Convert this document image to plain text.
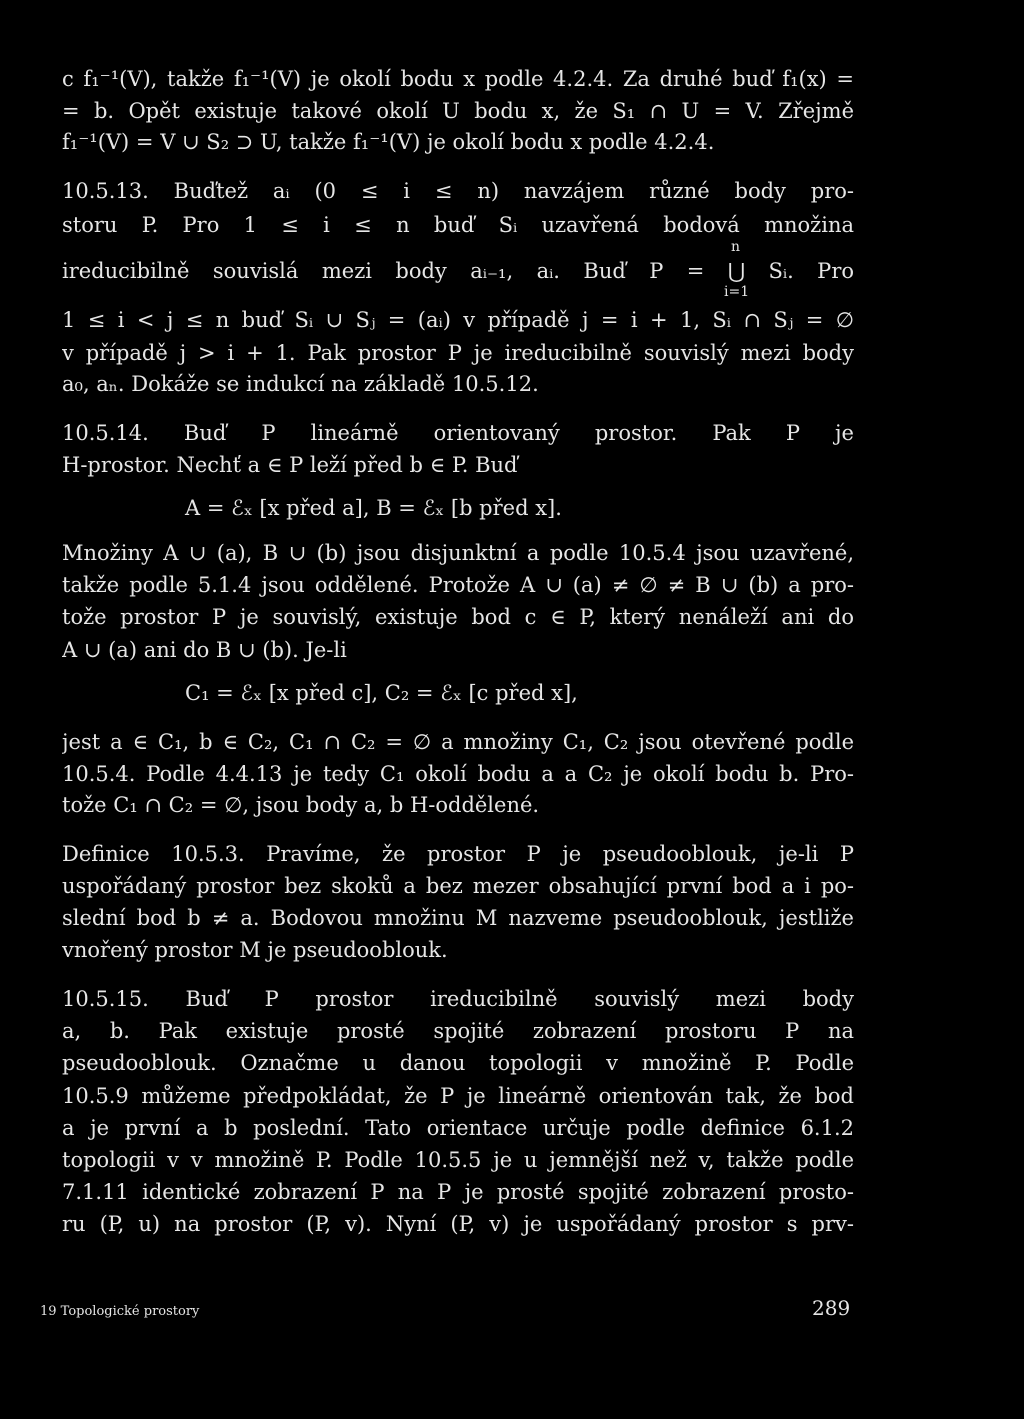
c f₁⁻¹(V), takže f₁⁻¹(V) je okolí bodu x podle 4.2.4. Za druhé buď f₁(x) =
= b. Opět existuje takové okolí U bodu x, že S₁ ∩ U = V. Zřejmě
f₁⁻¹(V) = V ∪ S₂ ⊃ U, takže f₁⁻¹(V) je okolí bodu x podle 4.2.4.
10.5.13. Buďtež aᵢ (0 ≤ i ≤ n) navzájem různé body pro-
storu P. Pro 1 ≤ i ≤ n buď Sᵢ uzavřená bodová množina
n
ireducibilně souvislá mezi body aᵢ₋₁, aᵢ. Buď P = ⋃ Sᵢ. Pro
i=1
1 ≤ i < j ≤ n buď Sᵢ ∪ Sⱼ = (aᵢ) v případě j = i + 1, Sᵢ ∩ Sⱼ = ∅
v případě j > i + 1. Pak prostor P je ireducibilně souvislý mezi body
a₀, aₙ. Dokáže se indukcí na základě 10.5.12.
10.5.14. Buď P lineárně orientovaný prostor. Pak P je
H-prostor. Nechť a ∈ P leží před b ∈ P. Buď
A = ℰₓ [x před a], B = ℰₓ [b před x].
Množiny A ∪ (a), B ∪ (b) jsou disjunktní a podle 10.5.4 jsou uzavřené,
takže podle 5.1.4 jsou oddělené. Protože A ∪ (a) ≠ ∅ ≠ B ∪ (b) a pro-
tože prostor P je souvislý, existuje bod c ∈ P, který nenáleží ani do
A ∪ (a) ani do B ∪ (b). Je-li
C₁ = ℰₓ [x před c], C₂ = ℰₓ [c před x],
jest a ∈ C₁, b ∈ C₂, C₁ ∩ C₂ = ∅ a množiny C₁, C₂ jsou otevřené podle
10.5.4. Podle 4.4.13 je tedy C₁ okolí bodu a a C₂ je okolí bodu b. Pro-
tože C₁ ∩ C₂ = ∅, jsou body a, b H-oddělené.
Definice 10.5.3. Pravíme, že prostor P je pseudooblouk, je-li P
uspořádaný prostor bez skoků a bez mezer obsahující první bod a i po-
slední bod b ≠ a. Bodovou množinu M nazveme pseudooblouk, jestliže
vnořený prostor M je pseudooblouk.
10.5.15. Buď P prostor ireducibilně souvislý mezi body
a, b. Pak existuje prosté spojité zobrazení prostoru P na
pseudooblouk. Označme u danou topologii v množině P. Podle
10.5.9 můžeme předpokládat, že P je lineárně orientován tak, že bod
a je první a b poslední. Tato orientace určuje podle definice 6.1.2
topologii v v množině P. Podle 10.5.5 je u jemnější než v, takže podle
7.1.11 identické zobrazení P na P je prosté spojité zobrazení prosto-
ru (P, u) na prostor (P, v). Nyní (P, v) je uspořádaný prostor s prv-
19 Topologické prostory	289
